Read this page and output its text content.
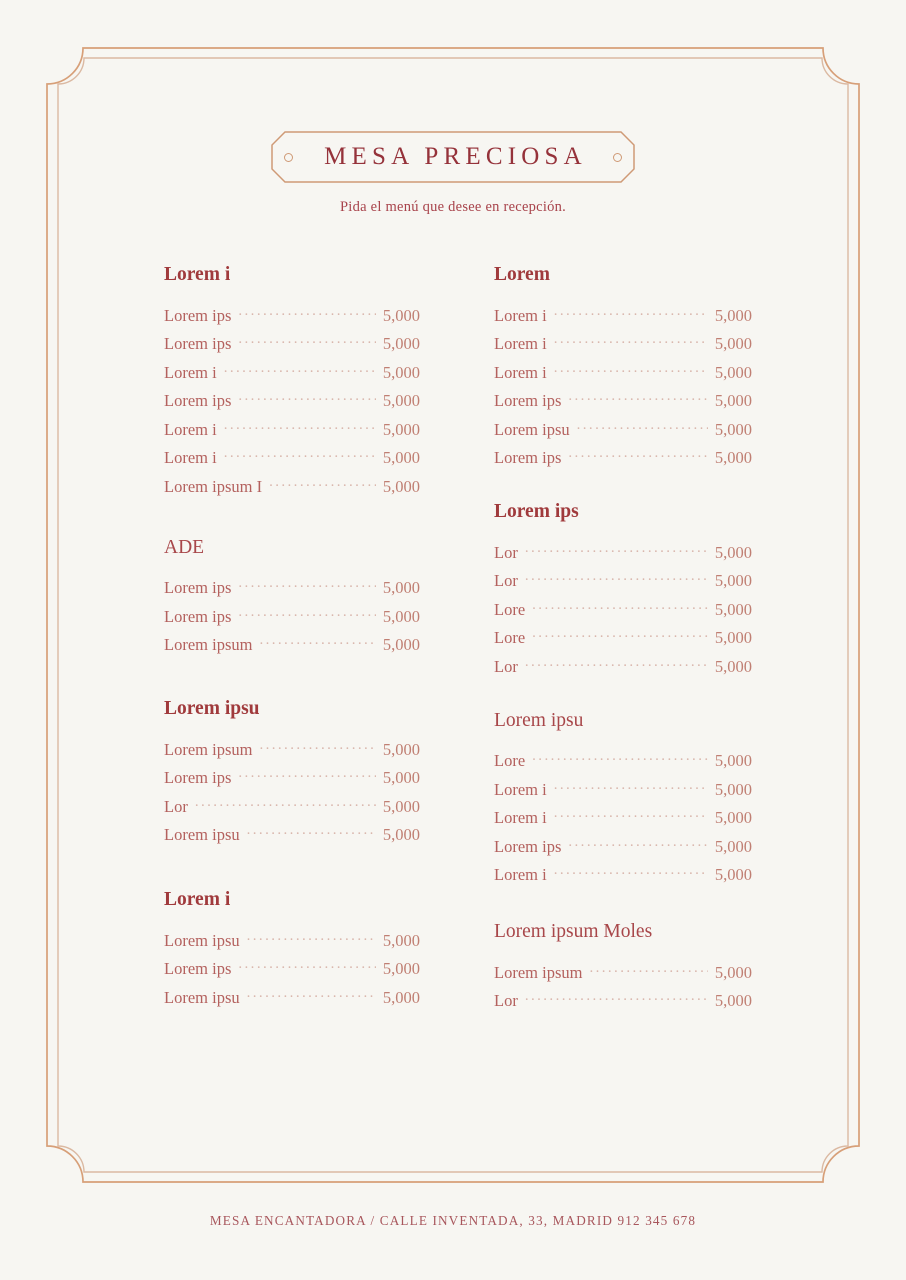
MESA PRECIOSA
Pida el menú que desee en recepción.
Lorem i
Lorem ips .....	5,000
Lorem ips .....	5,000
Lorem i .....	5,000
Lorem ips .....	5,000
Lorem i .....	5,000
Lorem i .....	5,000
Lorem ipsum I .....	5,000
ADE
Lorem ips .....	5,000
Lorem ips .....	5,000
Lorem ipsum .....	5,000
Lorem ipsu
Lorem ipsum .....	5,000
Lorem ips .....	5,000
Lor .....	5,000
Lorem ipsu .....	5,000
Lorem i
Lorem ipsu .....	5,000
Lorem ips .....	5,000
Lorem ipsu .....	5,000
Lorem
Lorem i .....	5,000
Lorem i .....	5,000
Lorem i .....	5,000
Lorem ips .....	5,000
Lorem ipsu .....	5,000
Lorem ips .....	5,000
Lorem ips
Lor .....	5,000
Lor .....	5,000
Lore .....	5,000
Lore .....	5,000
Lor .....	5,000
Lorem ipsu
Lore .....	5,000
Lorem i .....	5,000
Lorem i .....	5,000
Lorem ips .....	5,000
Lorem i .....	5,000
Lorem ipsum Moles
Lorem ipsum .....	5,000
Lor .....	5,000
MESA ENCANTADORA / CALLE INVENTADA, 33, MADRID 912 345 678
